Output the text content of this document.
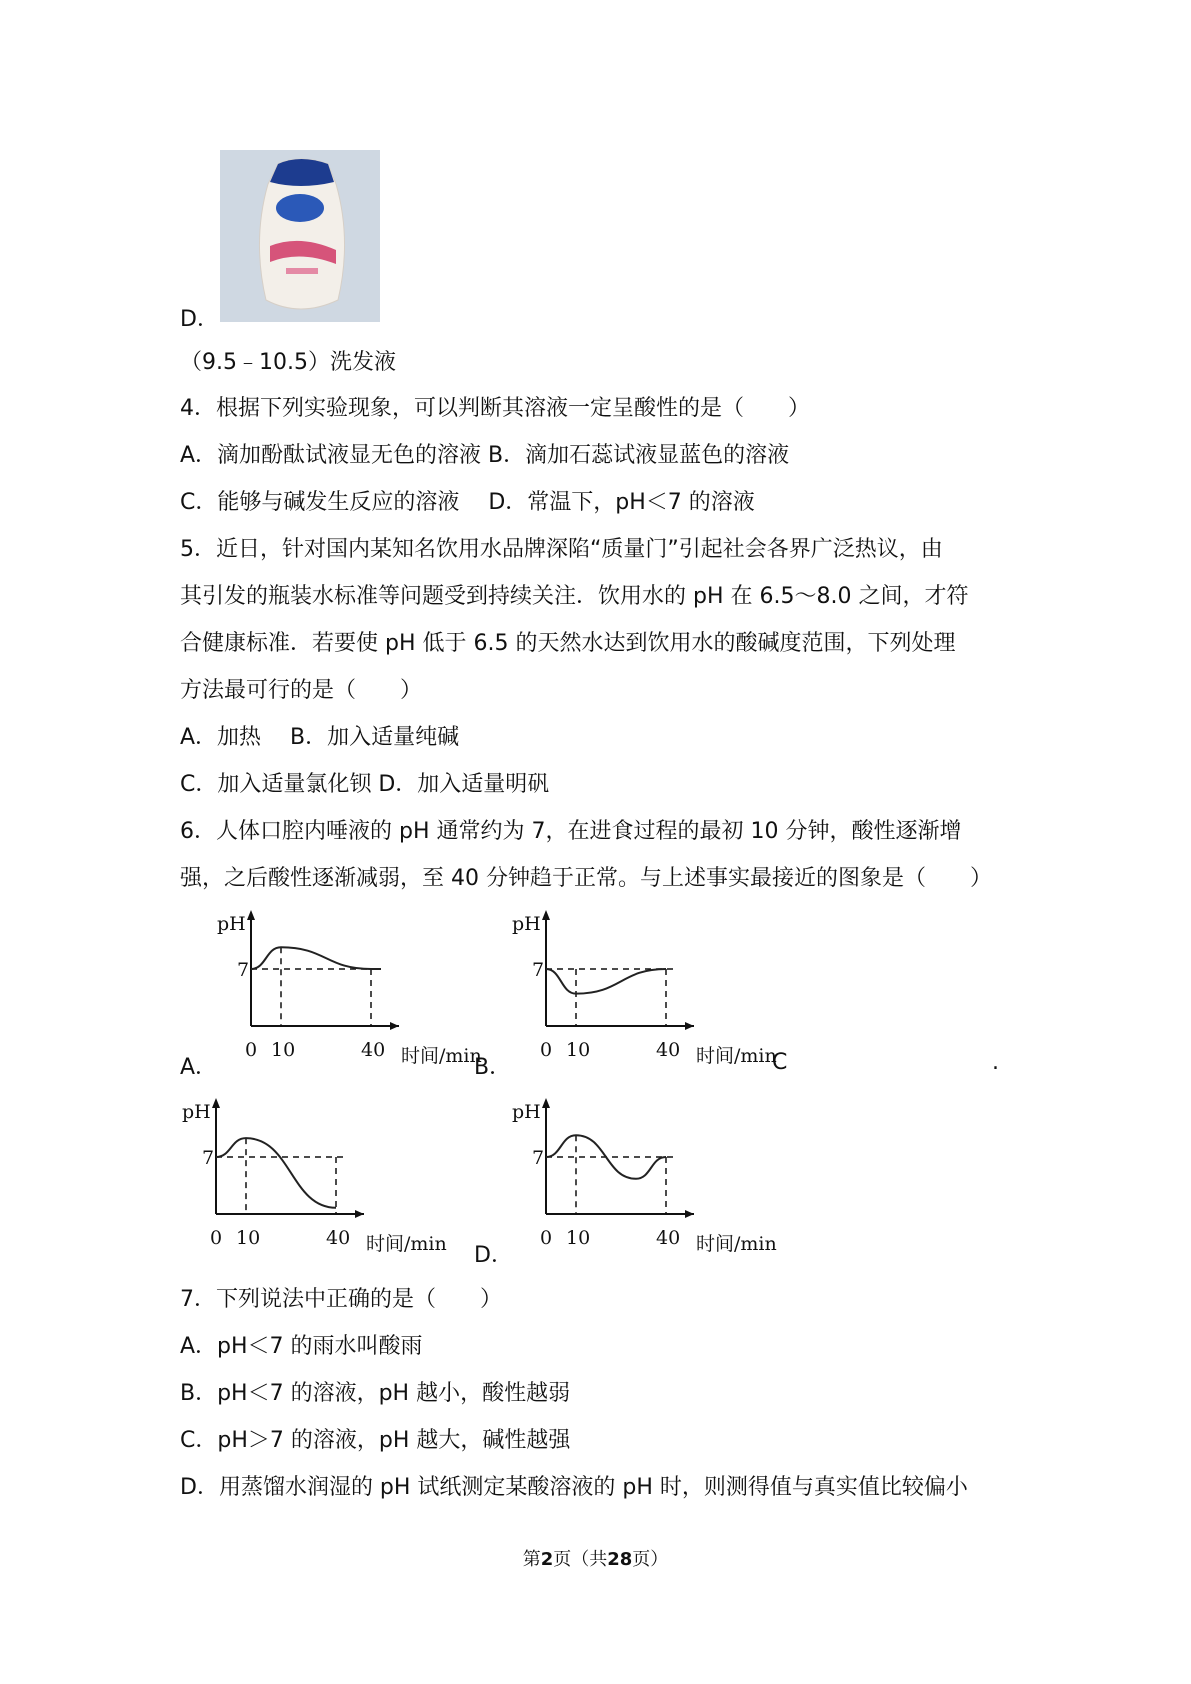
D．
（9.5﹣10.5）洗发液
4．根据下列实验现象，可以判断其溶液一定呈酸性的是（　　）
A．滴加酚酞试液显无色的溶液 B．滴加石蕊试液显蓝色的溶液
C．能够与碱发生反应的溶液　 D．常温下，pH＜7 的溶液
5．近日，针对国内某知名饮用水品牌深陷“质量门”引起社会各界广泛热议，由
其引发的瓶装水标准等问题受到持续关注．饮用水的 pH 在 6.5～8.0 之间，才符
合健康标准．若要使 pH 低于 6.5 的天然水达到饮用水的酸碱度范围，下列处理
方法最可行的是（　　）
A．加热　 B．加入适量纯碱
C．加入适量氯化钡 D．加入适量明矾
6．人体口腔内唾液的 pH 通常约为 7，在进食过程的最初 10 分钟，酸性逐渐增
强，之后酸性逐渐减弱，至 40 分钟趋于正常。与上述事实最接近的图象是（　　）
A．	B．	C	.
D．
pH
时间/min
7
0 10	40
pH
时间/min
7
0 10	40
pH
时间/min
7
0 10	40
pH
时间/min
7
0 10	40
7．下列说法中正确的是（　　）
A．pH＜7 的雨水叫酸雨
B．pH＜7 的溶液，pH 越小，酸性越弱
C．pH＞7 的溶液，pH 越大，碱性越强
D．用蒸馏水润湿的 pH 试纸测定某酸溶液的 pH 时，则测得值与真实值比较偏小
第2页（共28页）
